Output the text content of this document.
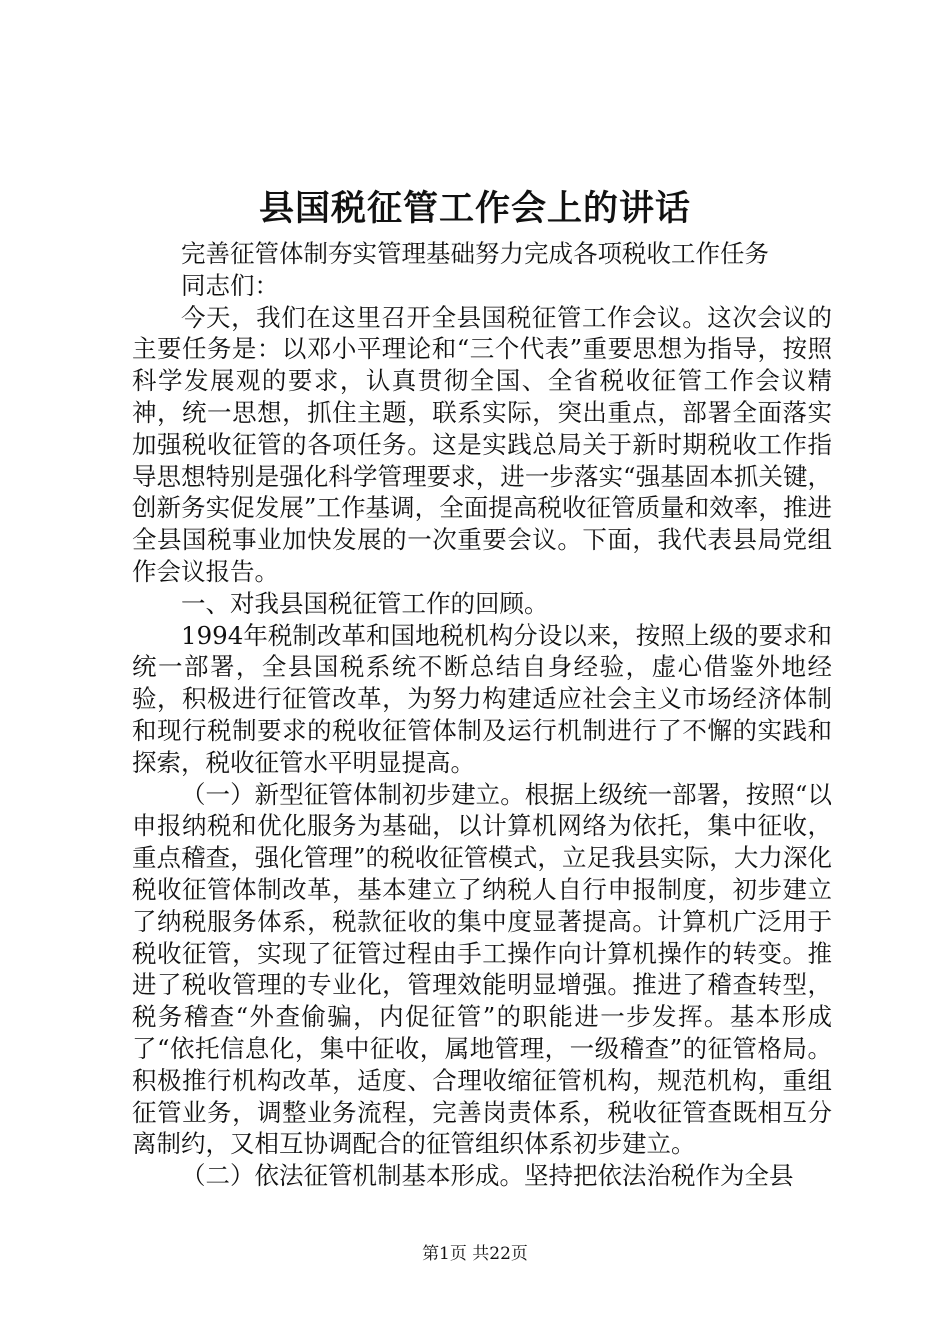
县国税征管工作会上的讲话

完善征管体制夯实管理基础努力完成各项税收工作任务

同志们：

今天，我们在这里召开全县国税征管工作会议。这次会议的主要任务是：以邓小平理论和“三个代表”重要思想为指导，按照科学发展观的要求，认真贯彻全国、全省税收征管工作会议精神，统一思想，抓住主题，联系实际，突出重点，部署全面落实加强税收征管的各项任务。这是实践总局关于新时期税收工作指导思想特别是强化科学管理要求，进一步落实“强基固本抓关键，创新务实促发展”工作基调，全面提高税收征管质量和效率，推进全县国税事业加快发展的一次重要会议。下面，我代表县局党组作会议报告。

一、对我县国税征管工作的回顾。

1994年税制改革和国地税机构分设以来，按照上级的要求和统一部署，全县国税系统不断总结自身经验，虚心借鉴外地经验，积极进行征管改革，为努力构建适应社会主义市场经济体制和现行税制要求的税收征管体制及运行机制进行了不懈的实践和探索，税收征管水平明显提高。

（一）新型征管体制初步建立。根据上级统一部署，按照“以申报纳税和优化服务为基础，以计算机网络为依托，集中征收，重点稽查，强化管理”的税收征管模式，立足我县实际，大力深化税收征管体制改革，基本建立了纳税人自行申报制度，初步建立了纳税服务体系，税款征收的集中度显著提高。计算机广泛用于税收征管，实现了征管过程由手工操作向计算机操作的转变。推进了税收管理的专业化，管理效能明显增强。推进了稽查转型，税务稽查“外查偷骗，内促征管”的职能进一步发挥。基本形成了“依托信息化，集中征收，属地管理，一级稽查”的征管格局。积极推行机构改革，适度、合理收缩征管机构，规范机构，重组征管业务，调整业务流程，完善岗责体系，税收征管查既相互分离制约，又相互协调配合的征管组织体系初步建立。

（二）依法征管机制基本形成。坚持把依法治税作为全县

第1页 共22页
